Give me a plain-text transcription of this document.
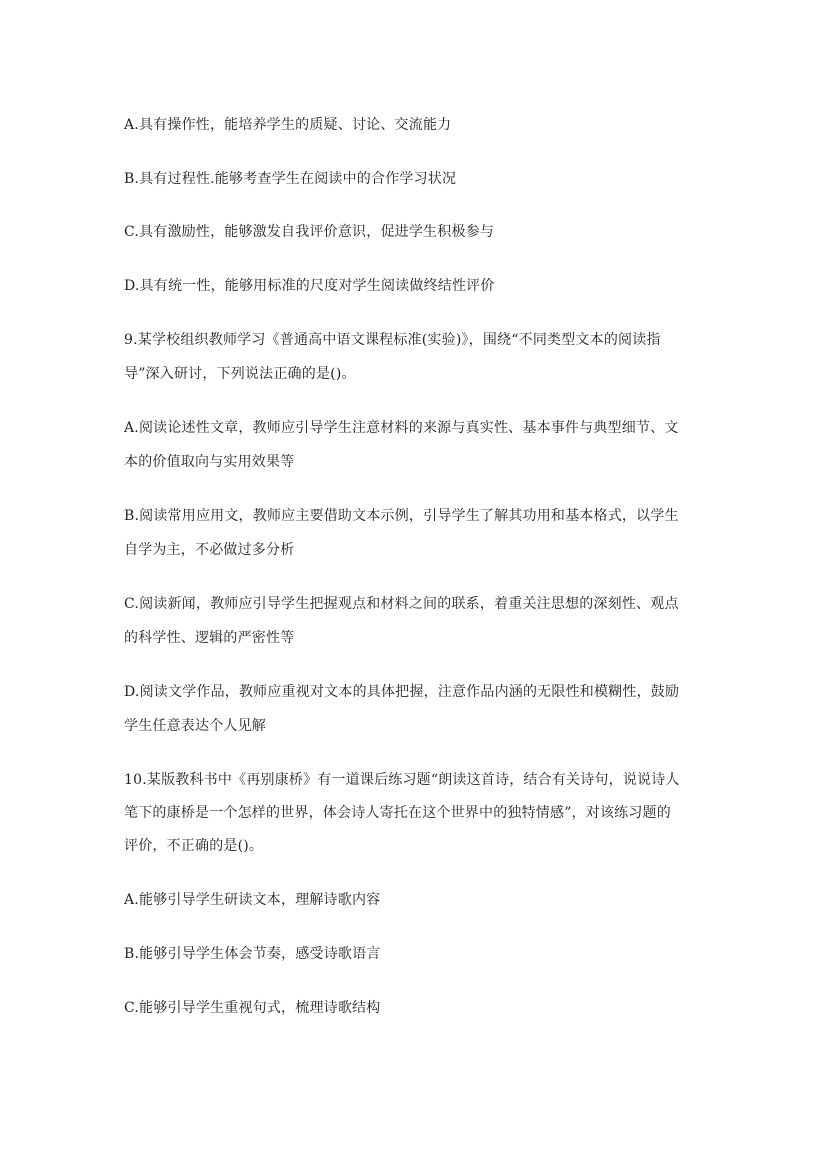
A.具有操作性，能培养学生的质疑、讨论、交流能力
B.具有过程性.能够考查学生在阅读中的合作学习状况
C.具有激励性，能够激发自我评价意识，促进学生积极参与
D.具有统一性，能够用标准的尺度对学生阅读做终结性评价
9.某学校组织教师学习《普通高中语文课程标准(实验)》，围绕“不同类型文本的阅读指
导”深入研讨，下列说法正确的是()。
A.阅读论述性文章，教师应引导学生注意材料的来源与真实性、基本事件与典型细节、文
本的价值取向与实用效果等
B.阅读常用应用文，教师应主要借助文本示例，引导学生了解其功用和基本格式，以学生
自学为主，不必做过多分析
C.阅读新闻，教师应引导学生把握观点和材料之间的联系，着重关注思想的深刻性、观点
的科学性、逻辑的严密性等
D.阅读文学作品，教师应重视对文本的具体把握，注意作品内涵的无限性和模糊性，鼓励
学生任意表达个人见解
10.某版教科书中《再别康桥》有一道课后练习题“朗读这首诗，结合有关诗句，说说诗人
笔下的康桥是一个怎样的世界，体会诗人寄托在这个世界中的独特情感”，对该练习题的
评价，不正确的是()。
A.能够引导学生研读文本，理解诗歌内容
B.能够引导学生体会节奏，感受诗歌语言
C.能够引导学生重视句式，梳理诗歌结构
